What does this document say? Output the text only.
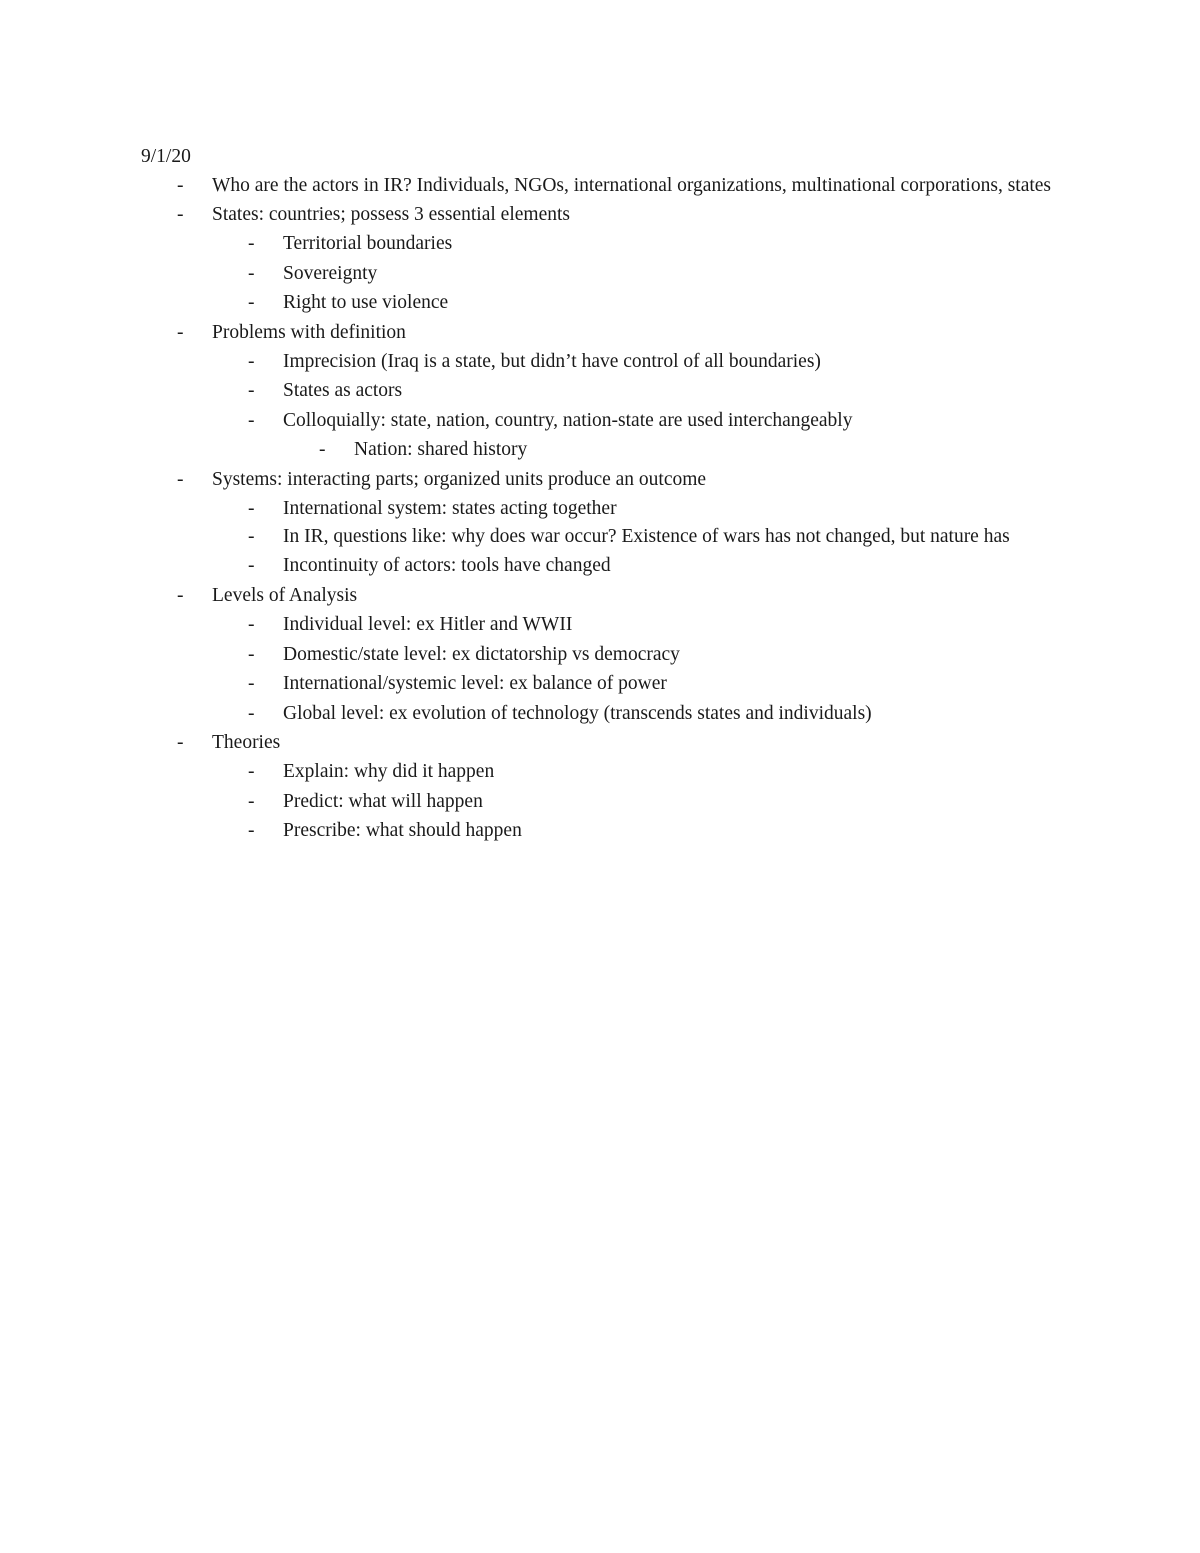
9/1/20
- Who are the actors in IR? Individuals, NGOs, international organizations, multinational corporations, states
- States: countries; possess 3 essential elements
- Territorial boundaries
- Sovereignty
- Right to use violence
- Problems with definition
- Imprecision (Iraq is a state, but didn’t have control of all boundaries)
- States as actors
- Colloquially: state, nation, country, nation-state are used interchangeably
- Nation: shared history
- Systems: interacting parts; organized units produce an outcome
- International system: states acting together
- In IR, questions like: why does war occur? Existence of wars has not changed, but nature has
- Incontinuity of actors: tools have changed
- Levels of Analysis
- Individual level: ex Hitler and WWII
- Domestic/state level: ex dictatorship vs democracy
- International/systemic level: ex balance of power
- Global level: ex evolution of technology (transcends states and individuals)
- Theories
- Explain: why did it happen
- Predict: what will happen
- Prescribe: what should happen
